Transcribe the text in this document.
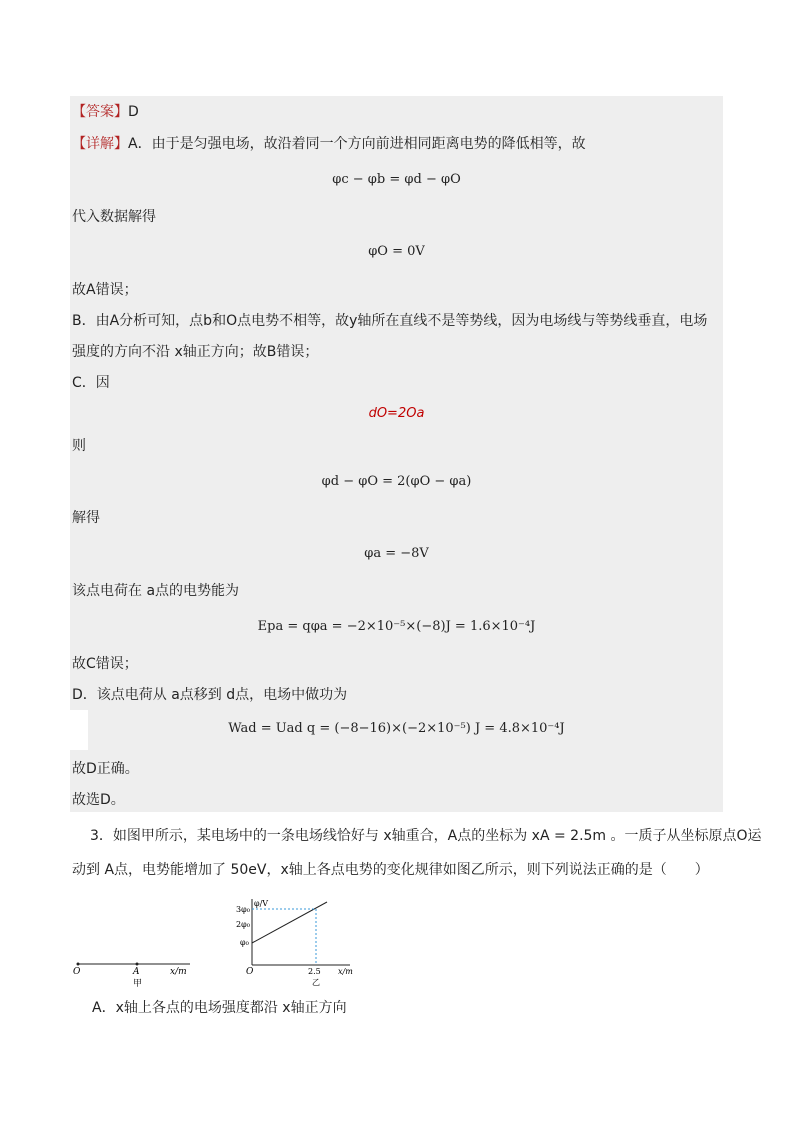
【答案】D
【详解】A．由于是匀强电场，故沿着同一个方向前进相同距离电势的降低相等，故
φc − φb = φd − φO
代入数据解得
φO = 0V
故A错误；
B．由A分析可知，点b和O点电势不相等，故y轴所在直线不是等势线，因为电场线与等势线垂直，电场
强度的方向不沿 x轴正方向；故B错误；
C．因
dO=2Oa
则
φd − φO = 2(φO − φa)
解得
φa = −8V
该点电荷在 a点的电势能为
Epa = qφa = −2×10⁻⁵×(−8)J = 1.6×10⁻⁴J
故C错误；
D．该点电荷从 a点移到 d点，电场中做功为
Wad = Uad q = (−8−16)×(−2×10⁻⁵) J = 4.8×10⁻⁴J
故D正确。
故选D。
3．如图甲所示，某电场中的一条电场线恰好与 x轴重合，A点的坐标为 xA = 2.5m 。一质子从坐标原点O运
动到 A点，电势能增加了 50eV，x轴上各点电势的变化规律如图乙所示，则下列说法正确的是（　　）
O	A	x/m
甲
φ/V
3φ₀
2φ₀
φ₀
O	2.5 x/m
乙
A．x轴上各点的电场强度都沿 x轴正方向
